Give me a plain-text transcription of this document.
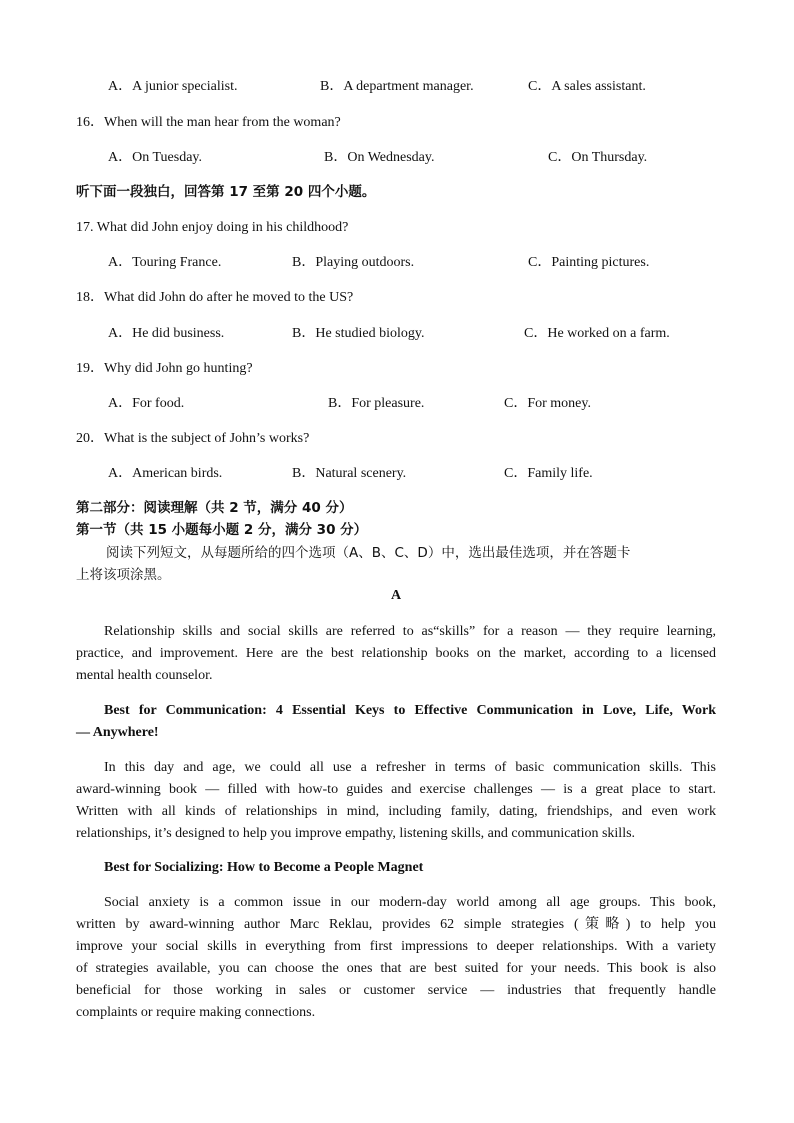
A．A junior specialist.	B．A department manager.	C．A sales assistant.
16．When will the man hear from the woman?
A．On Tuesday.	B．On Wednesday.	C．On Thursday.
听下面一段独白，回答第 17 至第 20 四个小题。
17. What did John enjoy doing in his childhood?
A．Touring France.	B．Playing outdoors.	C．Painting pictures.
18．What did John do after he moved to the US?
A．He did business.	B．He studied biology.	C．He worked on a farm.
19．Why did John go hunting?
A．For food.	B．For pleasure.	C．For money.
20．What is the subject of John’s works?
A．American birds.	B．Natural scenery.	C．Family life.
第二部分：阅读理解（共 2 节，满分 40 分）
第一节（共 15 小题每小题 2 分，满分 30 分）
阅读下列短文，从每题所给的四个选项（A、B、C、D）中，选出最佳选项，并在答题卡
上将该项涂黑。
A
Relationship skills and social skills are referred to as“skills” for a reason — they require learning,
practice, and improvement. Here are the best relationship books on the market, according to a licensed
mental health counselor.
Best for Communication: 4 Essential Keys to Effective Communication in Love, Life, Work
— Anywhere!
In this day and age, we could all use a refresher in terms of basic communication skills. This
award-winning book — filled with how-to guides and exercise challenges — is a great place to start.
Written with all kinds of relationships in mind, including family, dating, friendships, and even work
relationships, it’s designed to help you improve empathy, listening skills, and communication skills.
Best for Socializing: How to Become a People Magnet
Social anxiety is a common issue in our modern-day world among all age groups. This book,
written by award-winning author Marc Reklau, provides 62 simple strategies (策略) to help you
improve your social skills in everything from first impressions to deeper relationships. With a variety
of strategies available, you can choose the ones that are best suited for your needs. This book is also
beneficial for those working in sales or customer service — industries that frequently handle
complaints or require making connections.
